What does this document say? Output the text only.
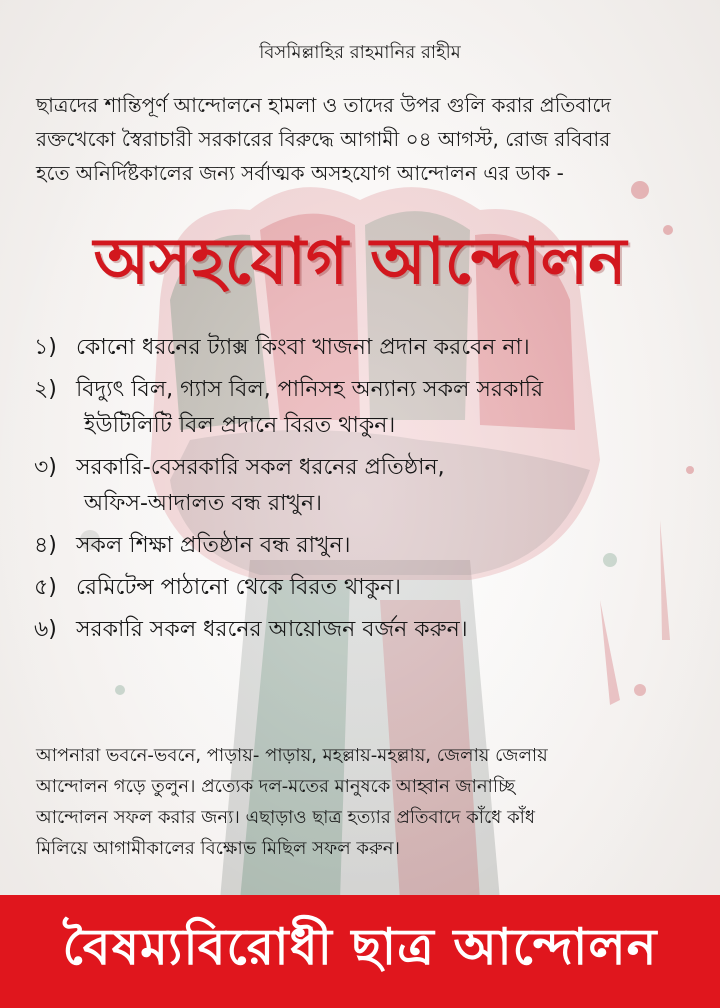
বিসমিল্লাহির রাহমানির রাহীম

ছাত্রদের শান্তিপূর্ণ আন্দোলনে হামলা ও তাদের উপর গুলি করার প্রতিবাদে

রক্তখেকো স্বৈরাচারী সরকারের বিরুদ্ধে আগামী ০৪ আগস্ট, রোজ রবিবার

হতে অনির্দিষ্টকালের জন্য সর্বাত্মক অসহযোগ আন্দোলন এর ডাক -

অসহযোগ আন্দোলন
১) কোনো ধরনের ট্যাক্স কিংবা খাজনা প্রদান করবেন না।
২) বিদ্যুৎ বিল, গ্যাস বিল, পানিসহ অন্যান্য সকল সরকারি
ইউটিলিটি বিল প্রদানে বিরত থাকুন।
৩) সরকারি-বেসরকারি সকল ধরনের প্রতিষ্ঠান,
অফিস-আদালত বন্ধ রাখুন।
৪) সকল শিক্ষা প্রতিষ্ঠান বন্ধ রাখুন।
৫) রেমিটেন্স পাঠানো থেকে বিরত থাকুন।
৬) সরকারি সকল ধরনের আয়োজন বর্জন করুন।

আপনারা ভবনে-ভবনে, পাড়ায়- পাড়ায়, মহল্লায়-মহল্লায়, জেলায় জেলায়

আন্দোলন গড়ে তুলুন। প্রত্যেক দল-মতের মানুষকে আহ্বান জানাচ্ছি

আন্দোলন সফল করার জন্য। এছাড়াও ছাত্র হত্যার প্রতিবাদে কাঁধে কাঁধ

মিলিয়ে আগামীকালের বিক্ষোভ মিছিল সফল করুন।

বৈষম্যবিরোধী ছাত্র আন্দোলন
